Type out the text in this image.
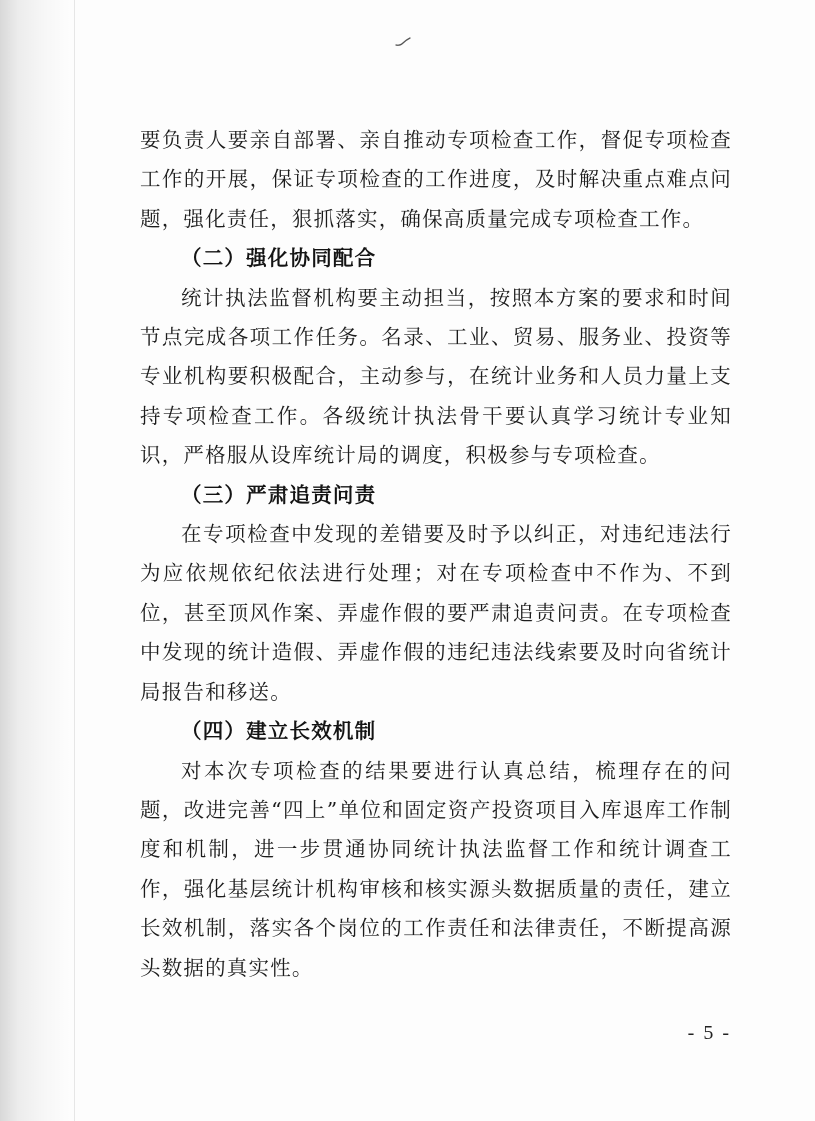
要负责人要亲自部署、亲自推动专项检查工作，督促专项检查工作的开展，保证专项检查的工作进度，及时解决重点难点问题，强化责任，狠抓落实，确保高质量完成专项检查工作。

（二）强化协同配合

统计执法监督机构要主动担当，按照本方案的要求和时间节点完成各项工作任务。名录、工业、贸易、服务业、投资等专业机构要积极配合，主动参与，在统计业务和人员力量上支持专项检查工作。各级统计执法骨干要认真学习统计专业知识，严格服从设库统计局的调度，积极参与专项检查。

（三）严肃追责问责

在专项检查中发现的差错要及时予以纠正，对违纪违法行为应依规依纪依法进行处理；对在专项检查中不作为、不到位，甚至顶风作案、弄虚作假的要严肃追责问责。在专项检查中发现的统计造假、弄虚作假的违纪违法线索要及时向省统计局报告和移送。

（四）建立长效机制

对本次专项检查的结果要进行认真总结，梳理存在的问题，改进完善“四上”单位和固定资产投资项目入库退库工作制度和机制，进一步贯通协同统计执法监督工作和统计调查工作，强化基层统计机构审核和核实源头数据质量的责任，建立长效机制，落实各个岗位的工作责任和法律责任，不断提高源头数据的真实性。

- 5 -
